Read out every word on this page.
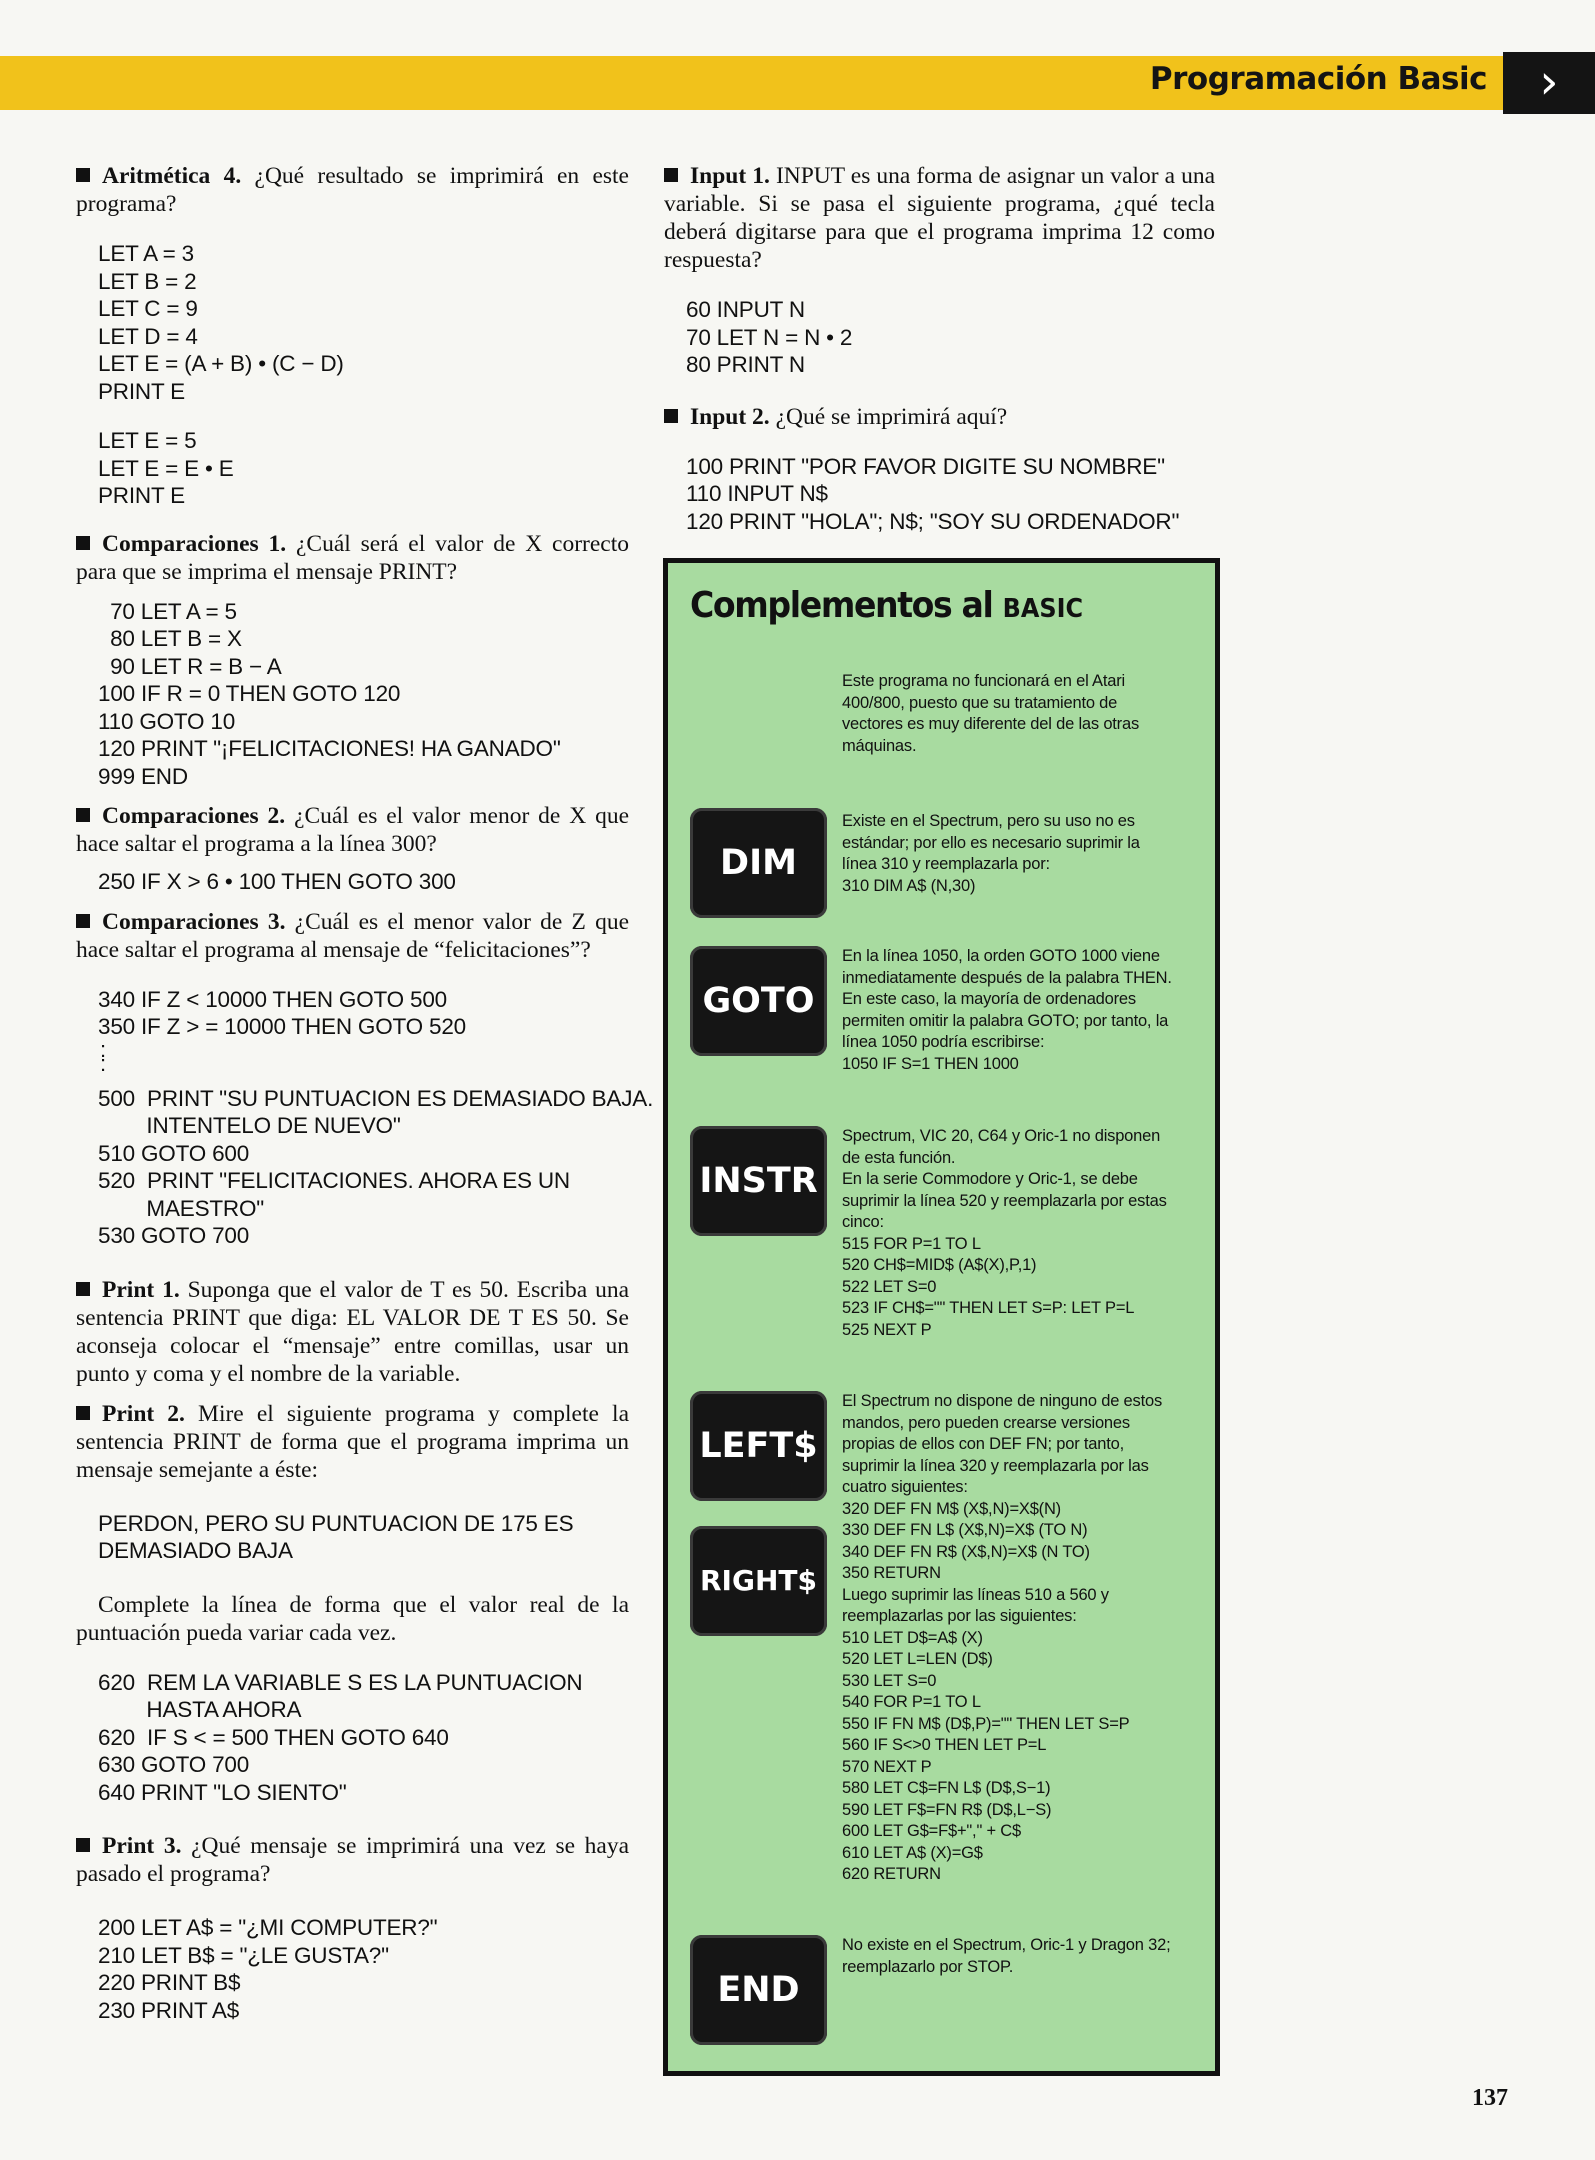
Programación Basic	›

Aritmética 4. ¿Qué resultado se imprimirá en este programa?

LET A = 3
LET B = 2
LET C = 9
LET D = 4
LET E = (A + B) • (C − D)
PRINT E
LET E = 5
LET E = E • E
PRINT E

Comparaciones 1. ¿Cuál será el valor de X correcto para que se imprima el mensaje PRINT?

70 LET A = 5
80 LET B = X
90 LET R = B − A
100 IF R = 0 THEN GOTO 120
110 GOTO 10
120 PRINT "¡FELICITACIONES! HA GANADO"
999 END

Comparaciones 2. ¿Cuál es el valor menor de X que hace saltar el programa a la línea 300?

250 IF X > 6 • 100 THEN GOTO 300

Comparaciones 3. ¿Cuál es el menor valor de Z que hace saltar el programa al mensaje de “felicitaciones”?

340 IF Z < 10000 THEN GOTO 500
350 IF Z > = 10000 THEN GOTO 520
:
:
500  PRINT "SU PUNTUACION ES DEMASIADO BAJA.
INTENTELO DE NUEVO"
510 GOTO 600
520  PRINT "FELICITACIONES. AHORA ES UN
MAESTRO"
530 GOTO 700

Print 1. Suponga que el valor de T es 50. Escriba una sentencia PRINT que diga: EL VALOR DE T ES 50. Se aconseja colocar el “mensaje” entre comillas, usar un punto y coma y el nombre de la variable.

Print 2. Mire el siguiente programa y complete la sentencia PRINT de forma que el programa imprima un mensaje semejante a éste:

PERDON, PERO SU PUNTUACION DE 175 ES
DEMASIADO BAJA

Complete la línea de forma que el valor real de la puntuación pueda variar cada vez.

620  REM LA VARIABLE S ES LA PUNTUACION
HASTA AHORA
620  IF S < = 500 THEN GOTO 640
630 GOTO 700
640 PRINT "LO SIENTO"

Print 3. ¿Qué mensaje se imprimirá una vez se haya pasado el programa?

200 LET A$ = "¿MI COMPUTER?"
210 LET B$ = "¿LE GUSTA?"
220 PRINT B$
230 PRINT A$

Input 1. INPUT es una forma de asignar un valor a una variable. Si se pasa el siguiente programa, ¿qué tecla deberá digitarse para que el programa imprima 12 como respuesta?

60 INPUT N
70 LET N = N • 2
80 PRINT N

Input 2. ¿Qué se imprimirá aquí?

100 PRINT "POR FAVOR DIGITE SU NOMBRE"
110 INPUT N$
120 PRINT "HOLA"; N$; "SOY SU ORDENADOR"
Complementos al BASIC

Este programa no funcionará en el Atari
400/800, puesto que su tratamiento de
vectores es muy diferente del de las otras
máquinas.

DIM

Existe en el Spectrum, pero su uso no es
estándar; por ello es necesario suprimir la
línea 310 y reemplazarla por:
310 DIM A$ (N,30)

GOTO

En la línea 1050, la orden GOTO 1000 viene
inmediatamente después de la palabra THEN.
En este caso, la mayoría de ordenadores
permiten omitir la palabra GOTO; por tanto, la
línea 1050 podría escribirse:
1050 IF S=1 THEN 1000

INSTR

Spectrum, VIC 20, C64 y Oric-1 no disponen
de esta función.
En la serie Commodore y Oric-1, se debe
suprimir la línea 520 y reemplazarla por estas
cinco:
515 FOR P=1 TO L
520 CH$=MID$ (A$(X),P,1)
522 LET S=0
523 IF CH$="" THEN LET S=P: LET P=L
525 NEXT P

LEFT$
RIGHT$

El Spectrum no dispone de ninguno de estos
mandos, pero pueden crearse versiones
propias de ellos con DEF FN; por tanto,
suprimir la línea 320 y reemplazarla por las
cuatro siguientes:
320 DEF FN M$ (X$,N)=X$(N)
330 DEF FN L$ (X$,N)=X$ (TO N)
340 DEF FN R$ (X$,N)=X$ (N TO)
350 RETURN
Luego suprimir las líneas 510 a 560 y
reemplazarlas por las siguientes:
510 LET D$=A$ (X)
520 LET L=LEN (D$)
530 LET S=0
540 FOR P=1 TO L
550 IF FN M$ (D$,P)="" THEN LET S=P
560 IF S<>0 THEN LET P=L
570 NEXT P
580 LET C$=FN L$ (D$,S−1)
590 LET F$=FN R$ (D$,L−S)
600 LET G$=F$+"," + C$
610 LET A$ (X)=G$
620 RETURN

END

No existe en el Spectrum, Oric-1 y Dragon 32;
reemplazarlo por STOP.

137
